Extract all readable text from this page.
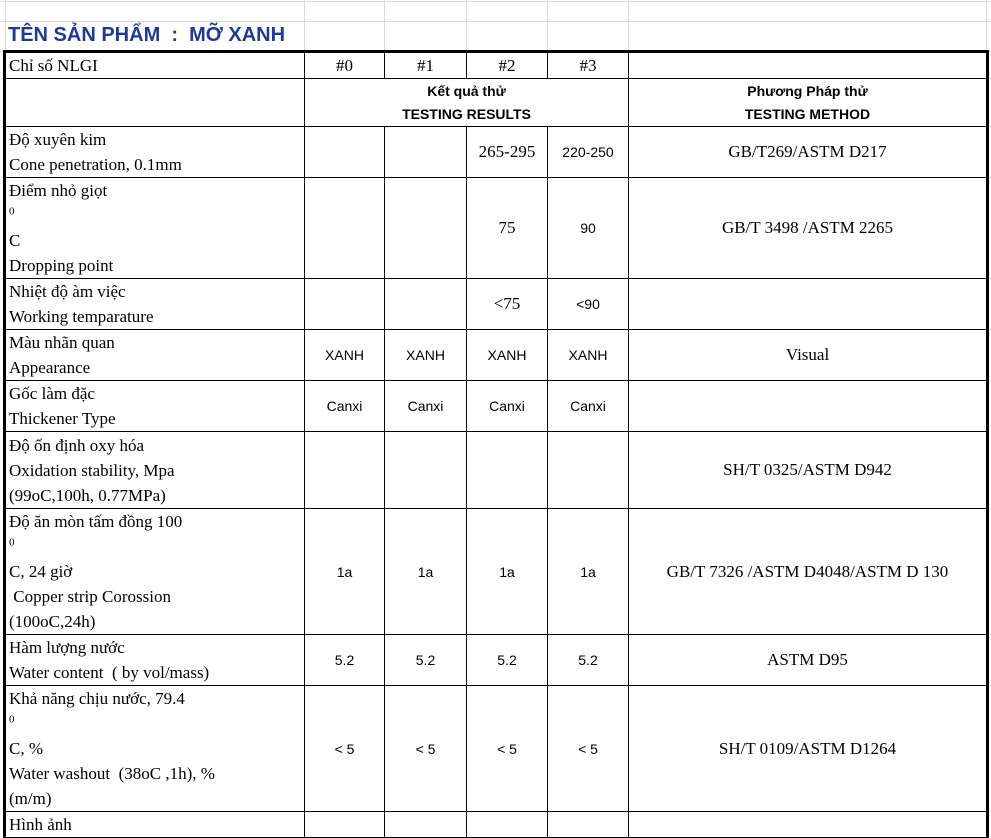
TÊN SẢN PHẨM  :  MỠ XANH
Chỉ số NLGI	#0	#1	#2	#3	

	Kết quả thử
TESTING RESULTS				Phương Pháp thử
TESTING METHOD

Độ xuyên kim
Cone penetration, 0.1mm			265-295	220-250	GB/T269/ASTM D217

Điểm nhỏ giọt
$^0$
C
Dropping point			75	90	GB/T 3498 /ASTM 2265

Nhiệt độ àm việc
Working temparature			<75	<90	

Màu nhãn quan
Appearance	XANH	XANH	XANH	XANH	Visual

Gốc làm đặc
Thickener Type	Canxi	Canxi	Canxi	Canxi	

Độ ổn định oxy hóa
Oxidation stability, Mpa
(99oC,100h, 0.77MPa)					SH/T 0325/ASTM D942

Độ ăn mòn tấm đồng 100
$^0$
C, 24 giờ
Copper strip Corossion
(100oC,24h)	1a	1a	1a	1a	GB/T 7326 /ASTM D4048/ASTM D 130

Hàm lượng nước
Water content  ( by vol/mass)	5.2	5.2	5.2	5.2	ASTM D95

Khả năng chịu nước, 79.4
$^0$
C, %
Water washout  (38oC ,1h), %
(m/m)	< 5	< 5	< 5	< 5	SH/T 0109/ASTM D1264

Hình ảnh					
